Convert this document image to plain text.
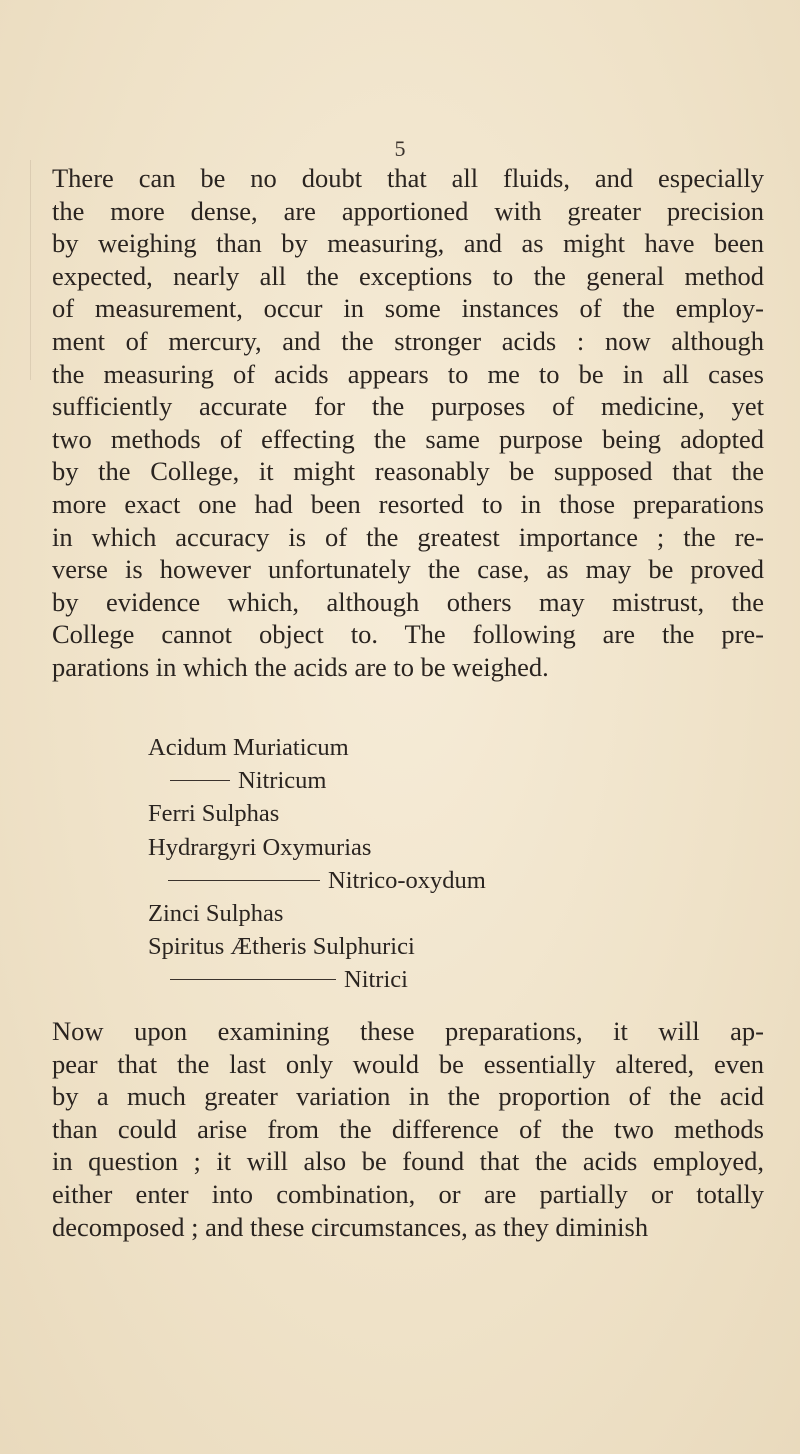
5

There can be no doubt that all fluids, and especially
the more dense, are apportioned with greater precision
by weighing than by measuring, and as might have been
expected, nearly all the exceptions to the general method
of measurement, occur in some instances of the employ-
ment of mercury, and the stronger acids : now although
the measuring of acids appears to me to be in all cases
sufficiently accurate for the purposes of medicine, yet
two methods of effecting the same purpose being adopted
by the College, it might reasonably be supposed that the
more exact one had been resorted to in those preparations
in which accuracy is of the greatest importance ; the re-
verse is however unfortunately the case, as may be proved
by evidence which, although others may mistrust, the
College cannot object to. The following are the pre-
parations in which the acids are to be weighed.

Acidum Muriaticum
Nitricum
Ferri Sulphas
Hydrargyri Oxymurias
Nitrico-oxydum
Zinci Sulphas
Spiritus Ætheris Sulphurici
Nitrici

Now upon examining these preparations, it will ap-
pear that the last only would be essentially altered, even
by a much greater variation in the proportion of the acid
than could arise from the difference of the two methods
in question ; it will also be found that the acids employed,
either enter into combination, or are partially or totally
decomposed ; and these circumstances, as they diminish
